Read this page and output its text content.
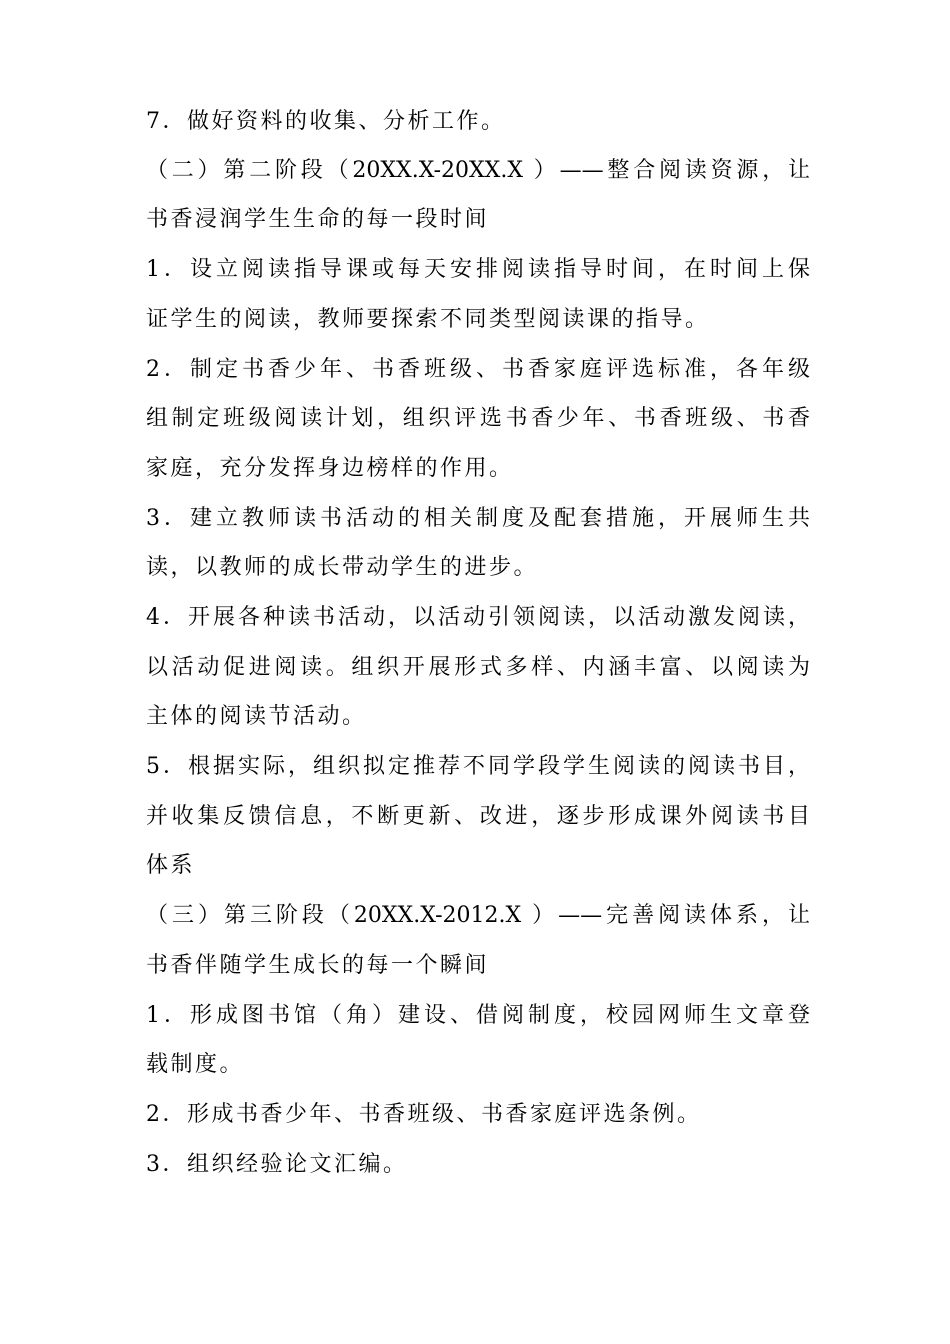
7．做好资料的收集、分析工作。
（二）第二阶段（20XX.X-20XX.X ）——整合阅读资源，让
书香浸润学生生命的每一段时间
1．设立阅读指导课或每天安排阅读指导时间，在时间上保
证学生的阅读，教师要探索不同类型阅读课的指导。
2．制定书香少年、书香班级、书香家庭评选标准，各年级
组制定班级阅读计划，组织评选书香少年、书香班级、书香
家庭，充分发挥身边榜样的作用。
3．建立教师读书活动的相关制度及配套措施，开展师生共
读，以教师的成长带动学生的进步。
4．开展各种读书活动，以活动引领阅读，以活动激发阅读，
以活动促进阅读。组织开展形式多样、内涵丰富、以阅读为
主体的阅读节活动。
5．根据实际，组织拟定推荐不同学段学生阅读的阅读书目，
并收集反馈信息，不断更新、改进，逐步形成课外阅读书目
体系
（三）第三阶段（20XX.X-2012.X ）——完善阅读体系，让
书香伴随学生成长的每一个瞬间
1．形成图书馆（角）建设、借阅制度，校园网师生文章登
载制度。
2．形成书香少年、书香班级、书香家庭评选条例。
3．组织经验论文汇编。
